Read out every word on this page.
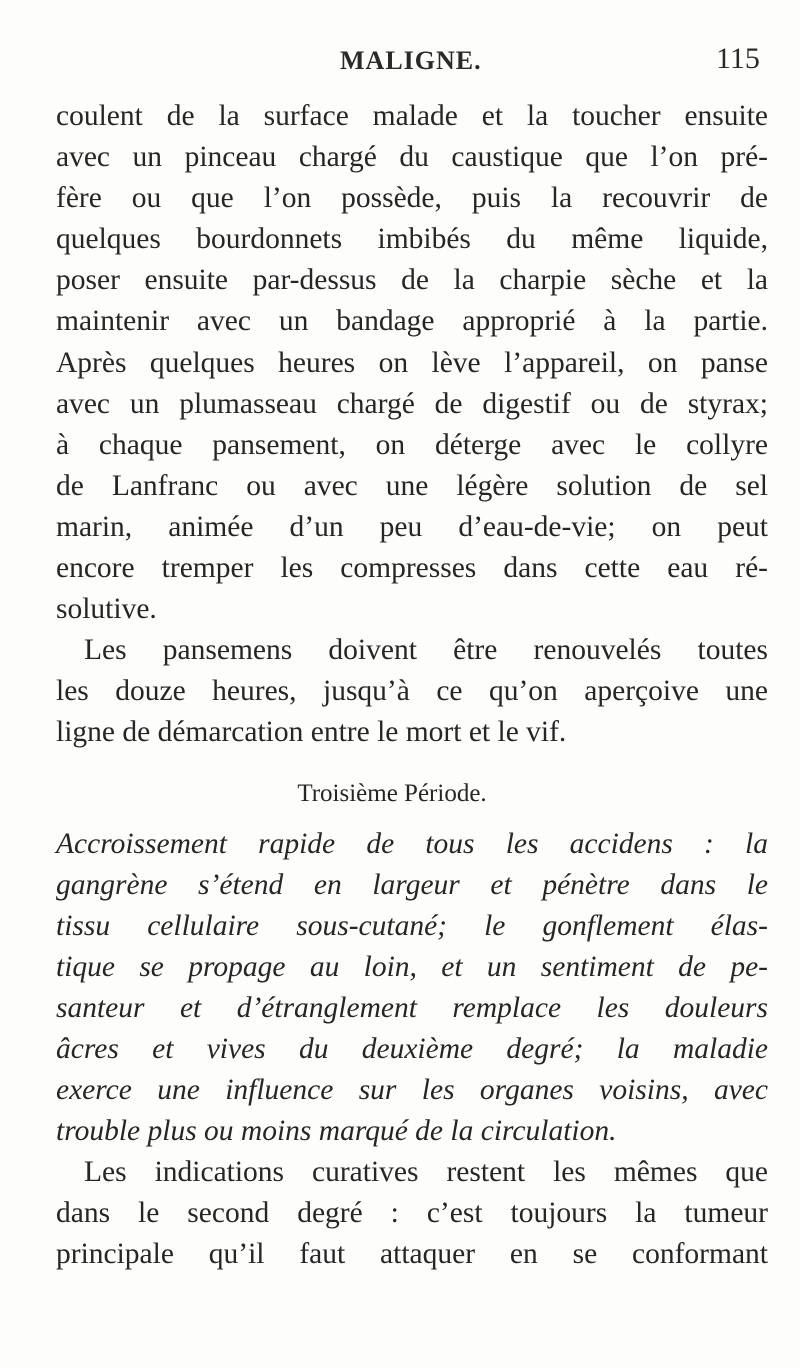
MALIGNE.	115
coulent de la surface malade et la toucher ensuite
avec un pinceau chargé du caustique que l’on pré-
fère ou que l’on possède, puis la recouvrir de
quelques bourdonnets imbibés du même liquide,
poser ensuite par-dessus de la charpie sèche et la
maintenir avec un bandage approprié à la partie.
Après quelques heures on lève l’appareil, on panse
avec un plumasseau chargé de digestif ou de styrax;
à chaque pansement, on déterge avec le collyre
de Lanfranc ou avec une légère solution de sel
marin, animée d’un peu d’eau-de-vie; on peut
encore tremper les compresses dans cette eau ré-
solutive.
Les pansemens doivent être renouvelés toutes
les douze heures, jusqu’à ce qu’on aperçoive une
ligne de démarcation entre le mort et le vif.
Troisième Période.
Accroissement rapide de tous les accidens : la
gangrène s’étend en largeur et pénètre dans le
tissu cellulaire sous-cutané; le gonflement élas-
tique se propage au loin, et un sentiment de pe-
santeur et d’étranglement remplace les douleurs
âcres et vives du deuxième degré; la maladie
exerce une influence sur les organes voisins, avec
trouble plus ou moins marqué de la circulation.
Les indications curatives restent les mêmes que
dans le second degré : c’est toujours la tumeur
principale qu’il faut attaquer en se conformant
